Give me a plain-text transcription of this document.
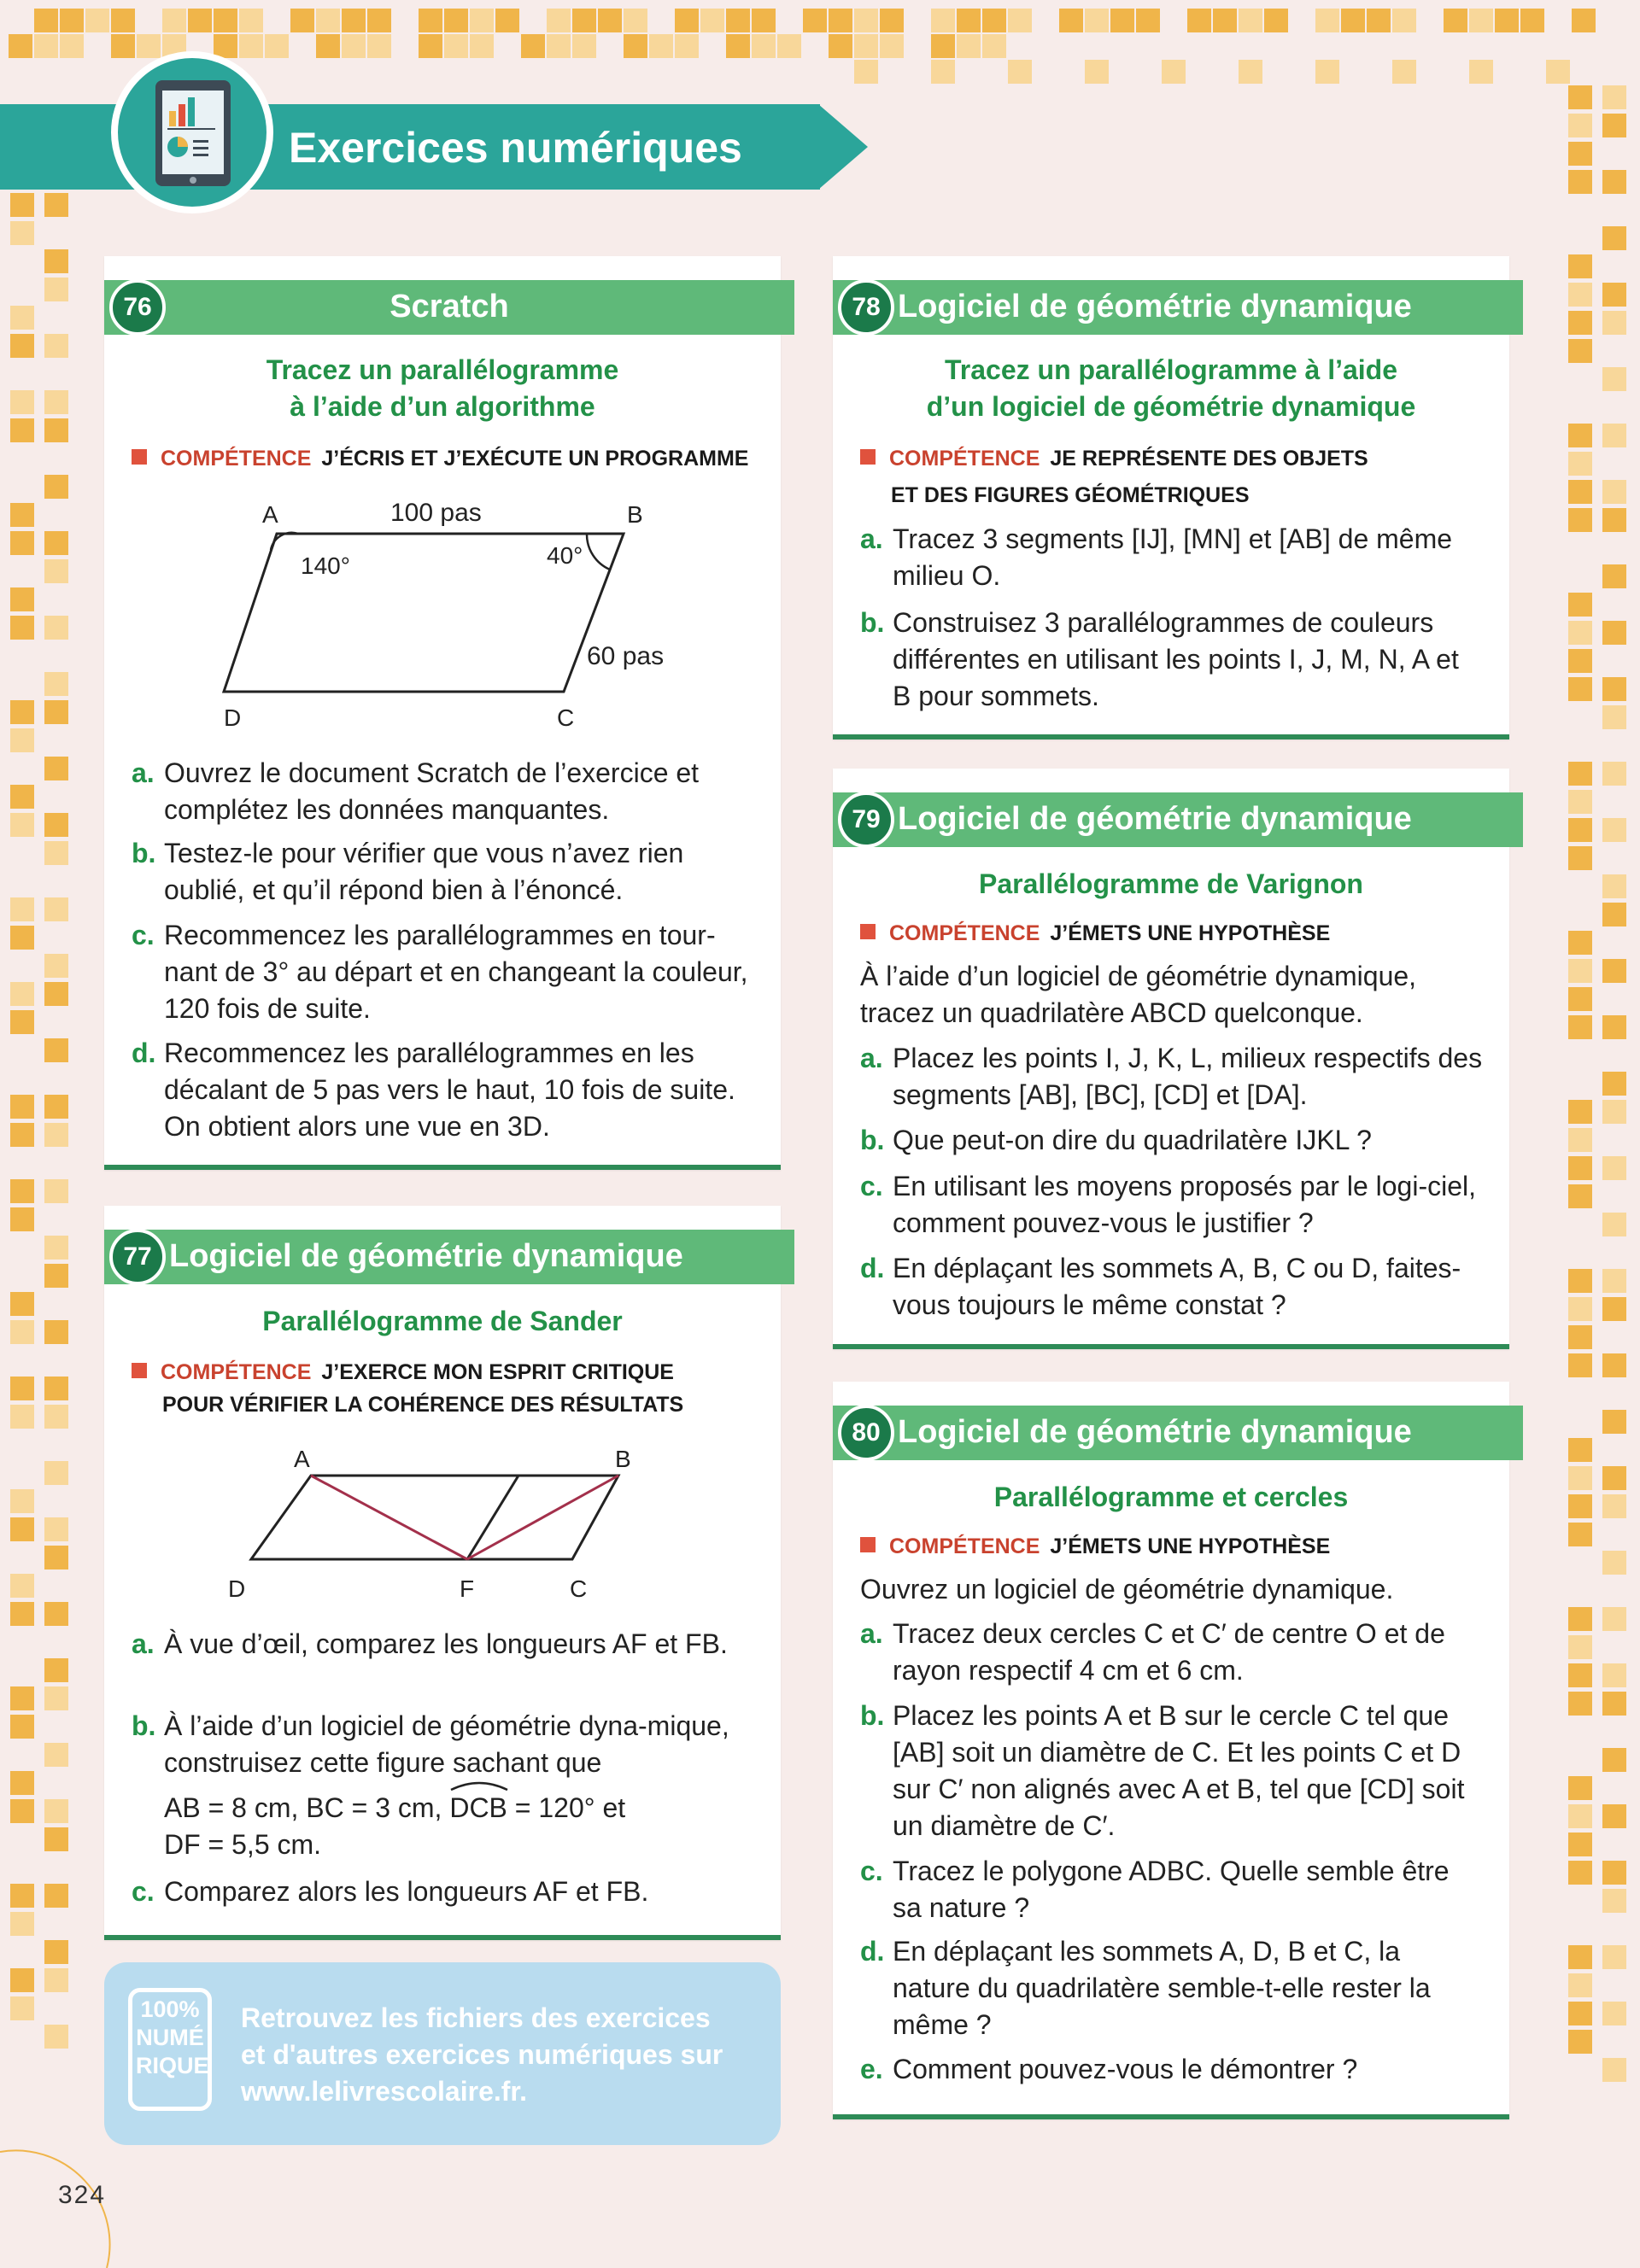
Exercices numériques
76	Scratch
Tracez un parallélogramme
à l’aide d’un algorithme
COMPÉTENCE J’ÉCRIS ET J’EXÉCUTE UN PROGRAMME
A	B
C
D
100 pas
60 pas
140°	40°
a. Ouvrez le document Scratch de l’exercice et complétez les données manquantes.
b. Testez-le pour vérifier que vous n’avez rien oublié, et qu’il répond bien à l’énoncé.
c. Recommencez les parallélogrammes en tour-nant de 3° au départ et en changeant la couleur, 120 fois de suite.
d. Recommencez les parallélogrammes en les décalant de 5 pas vers le haut, 10 fois de suite. On obtient alors une vue en 3D.
77 Logiciel de géométrie dynamique
Parallélogramme de Sander
COMPÉTENCE J’EXERCE MON ESPRIT CRITIQUE
POUR VÉRIFIER LA COHÉRENCE DES RÉSULTATS
A	B
C
D	F
a. À vue d’œil, comparez les longueurs AF et FB.
b. À l’aide d’un logiciel de géométrie dyna-mique, construisez cette figure sachant que
AB = 8 cm, BC = 3 cm,
DCB = 120° et
DF = 5,5 cm.
c. Comparez alors les longueurs AF et FB.
100% NUMÉ RIQUE
Retrouvez les fichiers des exercices
et d'autres exercices numériques sur
www.lelivrescolaire.fr.
78 Logiciel de géométrie dynamique
Tracez un parallélogramme à l’aide
d’un logiciel de géométrie dynamique
COMPÉTENCE JE REPRÉSENTE DES OBJETS
ET DES FIGURES GÉOMÉTRIQUES
a. Tracez 3 segments [IJ], [MN] et [AB] de même milieu O.
b. Construisez 3 parallélogrammes de couleurs différentes en utilisant les points I, J, M, N, A et B pour sommets.
79 Logiciel de géométrie dynamique
Parallélogramme de Varignon
COMPÉTENCE J’ÉMETS UNE HYPOTHÈSE
À l’aide d’un logiciel de géométrie dynamique, tracez un quadrilatère ABCD quelconque.
a. Placez les points I, J, K, L, milieux respectifs des segments [AB], [BC], [CD] et [DA].
b. Que peut-on dire du quadrilatère IJKL ?
c. En utilisant les moyens proposés par le logi-ciel, comment pouvez-vous le justifier ?
d. En déplaçant les sommets A, B, C ou D, faites-vous toujours le même constat ?
80 Logiciel de géométrie dynamique
Parallélogramme et cercles
COMPÉTENCE J’ÉMETS UNE HYPOTHÈSE
Ouvrez un logiciel de géométrie dynamique.
a. Tracez deux cercles C et C′ de centre O et de rayon respectif 4 cm et 6 cm.
b. Placez les points A et B sur le cercle C tel que [AB] soit un diamètre de C. Et les points C et D sur C′ non alignés avec A et B, tel que [CD] soit un diamètre de C′.
c. Tracez le polygone ADBC. Quelle semble être sa nature ?
d. En déplaçant les sommets A, D, B et C, la nature du quadrilatère semble-t-elle rester la même ?
e. Comment pouvez-vous le démontrer ?
324
